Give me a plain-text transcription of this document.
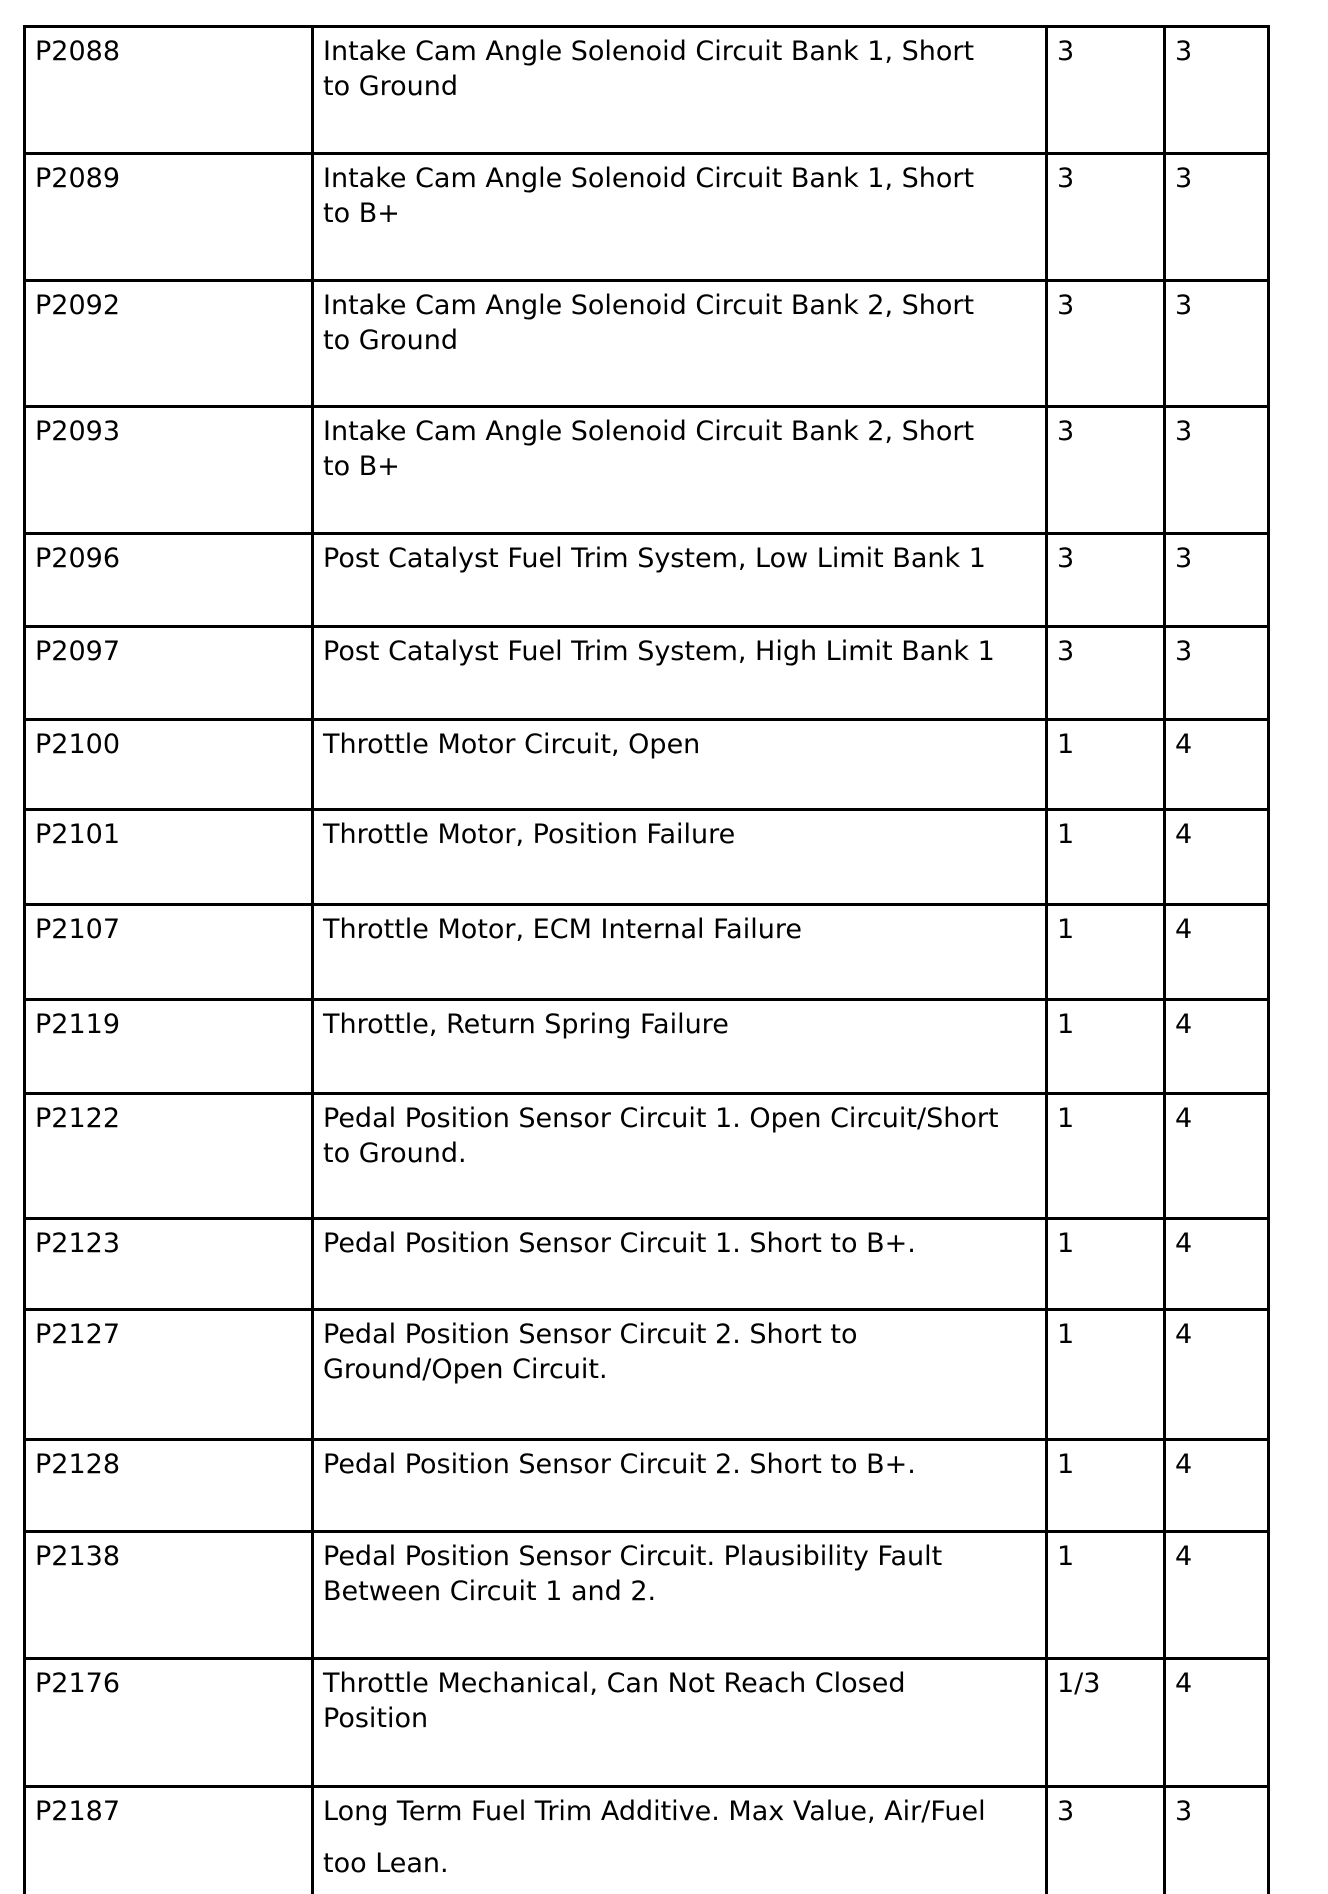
P2088	Intake Cam Angle Solenoid Circuit Bank 1, Short
to Ground	3	3
P2089	Intake Cam Angle Solenoid Circuit Bank 1, Short
to B+	3	3
P2092	Intake Cam Angle Solenoid Circuit Bank 2, Short
to Ground	3	3
P2093	Intake Cam Angle Solenoid Circuit Bank 2, Short
to B+	3	3
P2096	Post Catalyst Fuel Trim System, Low Limit Bank 1	3	3
P2097	Post Catalyst Fuel Trim System, High Limit Bank 1	3	3
P2100	Throttle Motor Circuit, Open	1	4
P2101	Throttle Motor, Position Failure	1	4
P2107	Throttle Motor, ECM Internal Failure	1	4
P2119	Throttle, Return Spring Failure	1	4
P2122	Pedal Position Sensor Circuit 1. Open Circuit/Short
to Ground.	1	4
P2123	Pedal Position Sensor Circuit 1. Short to B+.	1	4
P2127	Pedal Position Sensor Circuit 2. Short to
Ground/Open Circuit.	1	4
P2128	Pedal Position Sensor Circuit 2. Short to B+.	1	4
P2138	Pedal Position Sensor Circuit. Plausibility Fault
Between Circuit 1 and 2.	1	4
P2176	Throttle Mechanical, Can Not Reach Closed
Position	1/3	4
P2187	Long Term Fuel Trim Additive. Max Value, Air/Fuel
too Lean.	3	3
